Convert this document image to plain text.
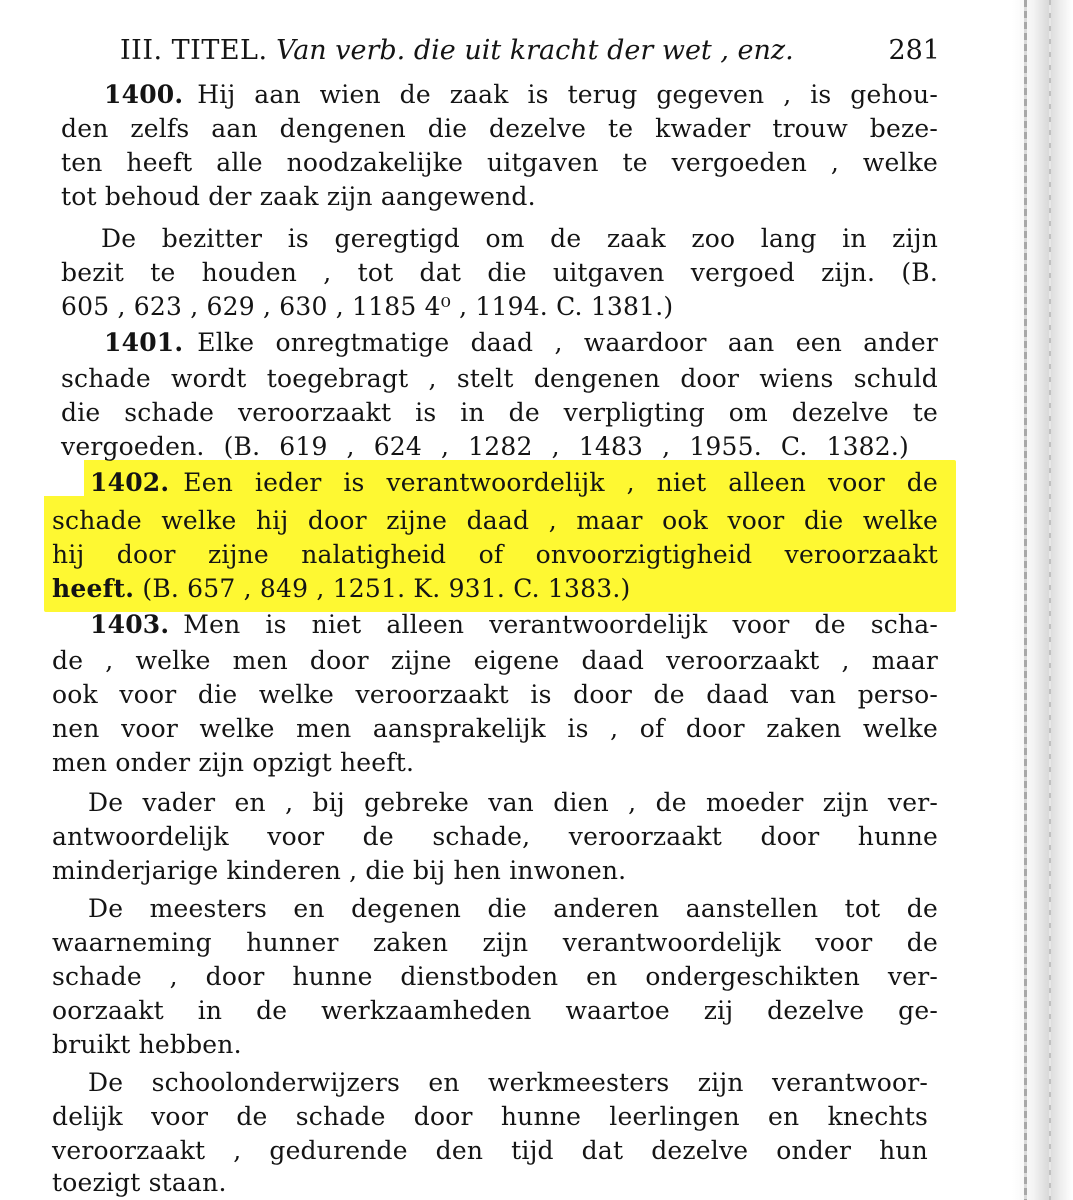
III. TITEL. Van verb. die uit kracht der wet , enz.	281
1400. Hij aan wien de zaak is terug gegeven , is gehou-
den zelfs aan dengenen die dezelve te kwader trouw beze-
ten heeft alle noodzakelijke uitgaven te vergoeden , welke
tot behoud der zaak zijn aangewend.
De bezitter is geregtigd om de zaak zoo lang in zijn
bezit te houden , tot dat die uitgaven vergoed zijn. (B.
605 , 623 , 629 , 630 , 1185 4⁰ , 1194. C. 1381.)
1401. Elke onregtmatige daad , waardoor aan een ander
schade wordt toegebragt , stelt dengenen door wiens schuld
die schade veroorzaakt is in de verpligting om dezelve te
vergoeden. (B. 619 , 624 , 1282 , 1483 , 1955. C. 1382.)
1402. Een ieder is verantwoordelijk , niet alleen voor de
schade welke hij door zijne daad , maar ook voor die welke
hij door zijne nalatigheid of onvoorzigtigheid veroorzaakt
heeft. (B. 657 , 849 , 1251. K. 931. C. 1383.)
1403. Men is niet alleen verantwoordelijk voor de scha-
de , welke men door zijne eigene daad veroorzaakt , maar
ook voor die welke veroorzaakt is door de daad van perso-
nen voor welke men aansprakelijk is , of door zaken welke
men onder zijn opzigt heeft.
De vader en , bij gebreke van dien , de moeder zijn ver-
antwoordelijk voor de schade, veroorzaakt door hunne
minderjarige kinderen , die bij hen inwonen.
De meesters en degenen die anderen aanstellen tot de
waarneming hunner zaken zijn verantwoordelijk voor de
schade , door hunne dienstboden en ondergeschikten ver-
oorzaakt in de werkzaamheden waartoe zij dezelve ge-
bruikt hebben.
De schoolonderwijzers en werkmeesters zijn verantwoor-
delijk voor de schade door hunne leerlingen en knechts
veroorzaakt , gedurende den tijd dat dezelve onder hun
toezigt staan.
